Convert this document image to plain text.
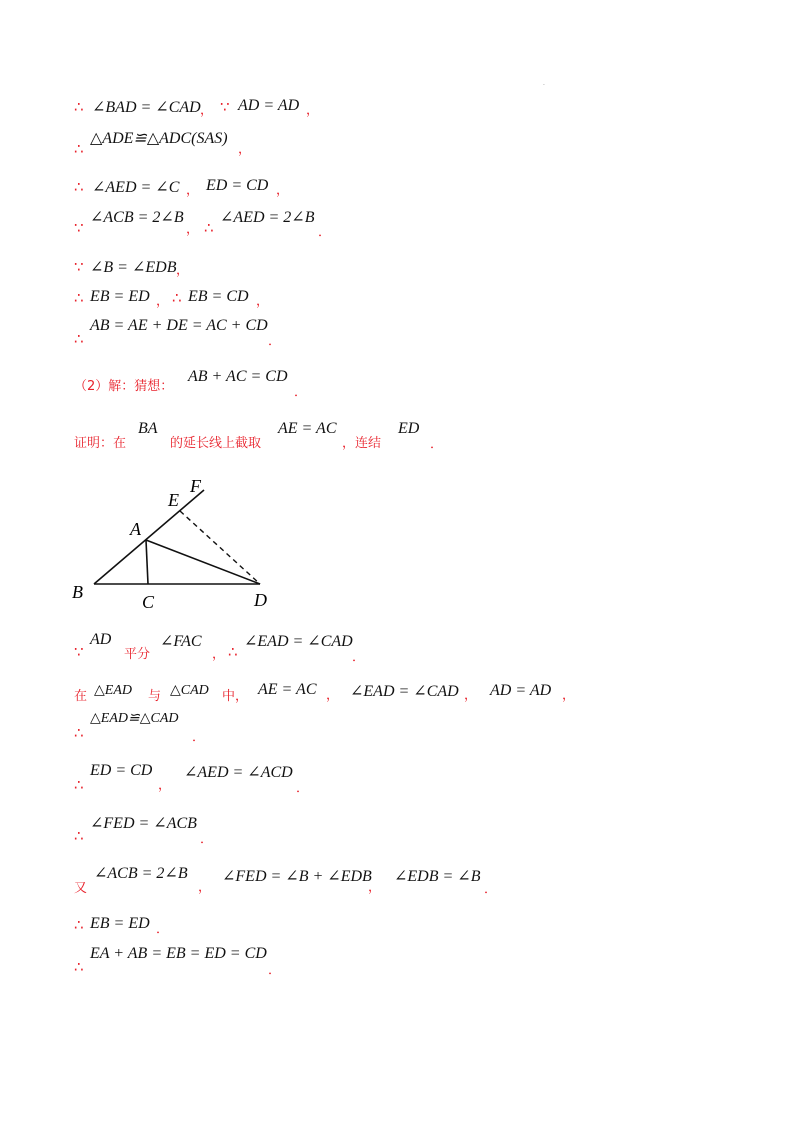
·
∴ ∠BAD = ∠CAD ， ∵ AD = AD ，
∴
△ADE≌△ADC(SAS)
，
∴ ∠AED = ∠C ， ED = CD ，
∵
∠ACB = 2∠B
， ∴
∠AED = 2∠B
．
∵ ∠B = ∠EDB ，
∴ EB = ED ， ∴ EB = CD ，
∴
AB = AE + DE = AC + CD
．
（2）解：猜想：
AB + AC = CD
．
证明：在
BA
的延长线上截取
AE = AC
，连结
ED
．
B	C	D
A
E
F
∵
AD
平分
∠FAC
， ∴
∠EAD = ∠CAD
．
在 △EAD 与 △CAD 中， AE = AC ， ∠EAD = ∠CAD ， AD = AD ，
∴
△EAD≌△CAD
．
∴
ED = CD
，
∠AED = ∠ACD
．
∴
∠FED = ∠ACB
．
又
∠ACB = 2∠B
，
∠FED = ∠B + ∠EDB
，
∠EDB = ∠B
．
∴ EB = ED ．
∴
EA + AB = EB = ED = CD
．
